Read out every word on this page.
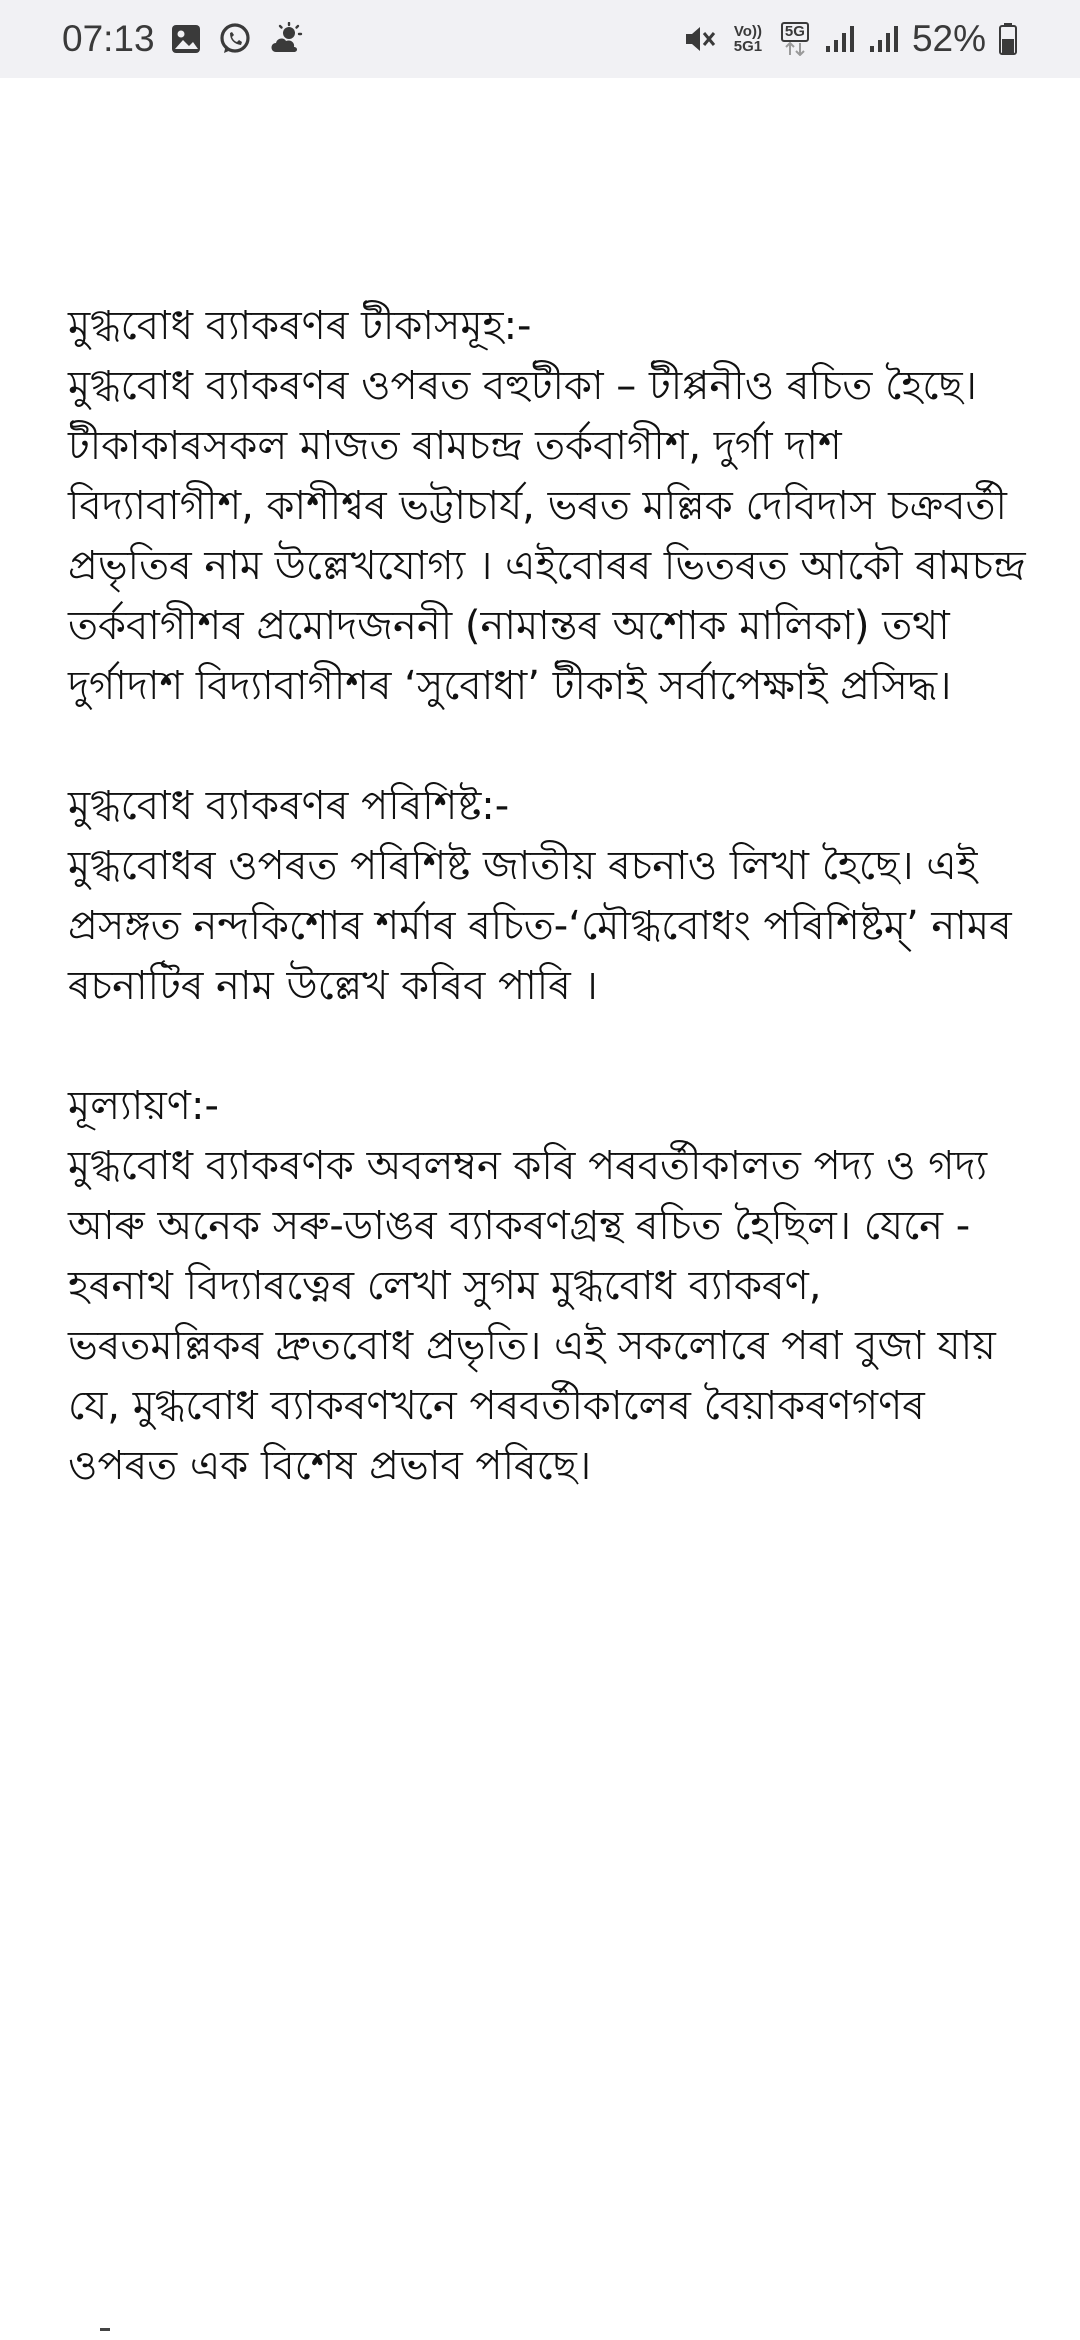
07:13	Vo))
5G1
5G	52%
মুগ্ধবোধ ব্যাকৰণৰ টীকাসমূহ:-

মুগ্ধবোধ ব্যাকৰণৰ ওপৰত বহুটীকা – টীপ্পনীও ৰচিত হৈছে। টীকাকাৰসকল মাজত ৰামচন্দ্ৰ তৰ্কবাগীশ, দুৰ্গা দাশ বিদ্যাবাগীশ, কাশীশ্বৰ ভট্টাচাৰ্য, ভৰত মল্লিক দেবিদাস চক্ৰবৰ্তী প্ৰভৃতিৰ নাম উল্লেখযোগ্য । এইবোৰৰ ভিতৰত আকৌ ৰামচন্দ্ৰ তৰ্কবাগীশৰ প্ৰমোদজননী (নামান্তৰ অশোক মালিকা) তথা দুৰ্গাদাশ বিদ্যাবাগীশৰ ‘সুবোধা’ টীকাই সৰ্বাপেক্ষাই প্ৰসিদ্ধ।

মুগ্ধবোধ ব্যাকৰণৰ পৰিশিষ্ট:-

মুগ্ধবোধৰ ওপৰত পৰিশিষ্ট জাতীয় ৰচনাও লিখা হৈছে। এই প্ৰসঙ্গত নন্দকিশোৰ শৰ্মাৰ ৰচিত-‘মৌগ্ধবোধং পৰিশিষ্টম্’ নামৰ ৰচনাটিৰ নাম উল্লেখ কৰিব পাৰি ।

মূল্যায়ণ:-

মুগ্ধবোধ ব্যাকৰণক অবলম্বন কৰি পৰবৰ্তীকালত পদ্য ও গদ্য আৰু অনেক সৰু-ডাঙৰ ব্যাকৰণগ্ৰন্থ ৰচিত হৈছিল। যেনে - হৰনাথ বিদ্যাৰত্নেৰ লেখা সুগম মুগ্ধবোধ ব্যাকৰণ, ভৰতমল্লিকৰ দ্ৰুতবোধ প্ৰভৃতি। এই সকলোৰে পৰা বুজা যায় যে, মুগ্ধবোধ ব্যাকৰণখনে পৰবৰ্তীকালেৰ বৈয়াকৰণগণৰ ওপৰত এক বিশেষ প্ৰভাব পৰিছে।
